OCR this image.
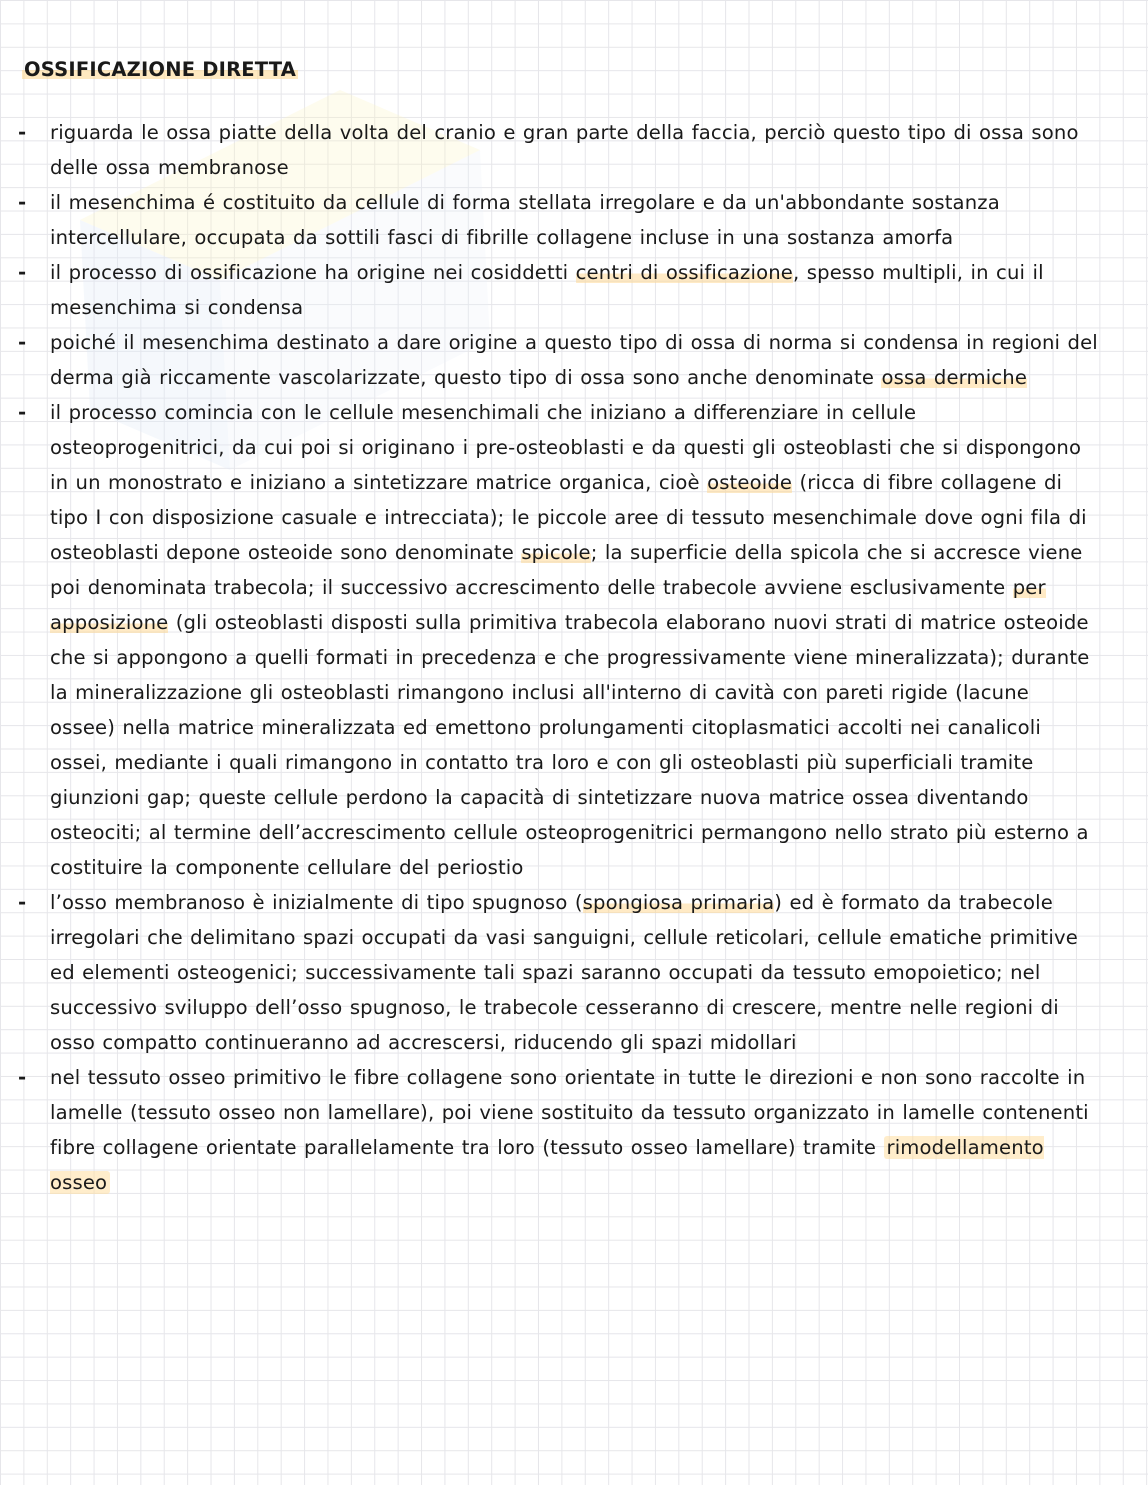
OSSIFICAZIONE DIRETTA
-	riguarda le ossa piatte della volta del cranio e gran parte della faccia, perciò questo tipo di ossa sono delle ossa membranose
-	il mesenchima é costituito da cellule di forma stellata irregolare e da un'abbondante sostanza intercellulare, occupata da sottili fasci di fibrille collagene incluse in una sostanza amorfa
-	il processo di ossificazione ha origine nei cosiddetti centri di ossificazione, spesso multipli, in cui il mesenchima si condensa
-	poiché il mesenchima destinato a dare origine a questo tipo di ossa di norma si condensa in regioni del derma già riccamente vascolarizzate, questo tipo di ossa sono anche denominate ossa dermiche
-	il processo comincia con le cellule mesenchimali che iniziano a differenziare in cellule osteoprogenitrici, da cui poi si originano i pre-osteoblasti e da questi gli osteoblasti che si dispongono in un monostrato e iniziano a sintetizzare matrice organica, cioè osteoide (ricca di fibre collagene di tipo I con disposizione casuale e intrecciata); le piccole aree di tessuto mesenchimale dove ogni fila di osteoblasti depone osteoide sono denominate spicole; la superficie della spicola che si accresce viene poi denominata trabecola; il successivo accrescimento delle trabecole avviene esclusivamente per apposizione (gli osteoblasti disposti sulla primitiva trabecola elaborano nuovi strati di matrice osteoide che si appongono a quelli formati in precedenza e che progressivamente viene mineralizzata); durante la mineralizzazione gli osteoblasti rimangono inclusi all'interno di cavità con pareti rigide (lacune ossee) nella matrice mineralizzata ed emettono prolungamenti citoplasmatici accolti nei canalicoli ossei, mediante i quali rimangono in contatto tra loro e con gli osteoblasti più superficiali tramite giunzioni gap; queste cellule perdono la capacità di sintetizzare nuova matrice ossea diventando osteociti; al termine dell’accrescimento cellule osteoprogenitrici permangono nello strato più esterno a costituire la componente cellulare del periostio
-	l’osso membranoso è inizialmente di tipo spugnoso (spongiosa primaria) ed è formato da trabecole irregolari che delimitano spazi occupati da vasi sanguigni, cellule reticolari, cellule ematiche primitive ed elementi osteogenici; successivamente tali spazi saranno occupati da tessuto emopoietico; nel successivo sviluppo dell’osso spugnoso, le trabecole cesseranno di crescere, mentre nelle regioni di osso compatto continueranno ad accrescersi, riducendo gli spazi midollari
-	nel tessuto osseo primitivo le fibre collagene sono orientate in tutte le direzioni e non sono raccolte in lamelle (tessuto osseo non lamellare), poi viene sostituito da tessuto organizzato in lamelle contenenti fibre collagene orientate parallelamente tra loro (tessuto osseo lamellare) tramite rimodellamento osseo
